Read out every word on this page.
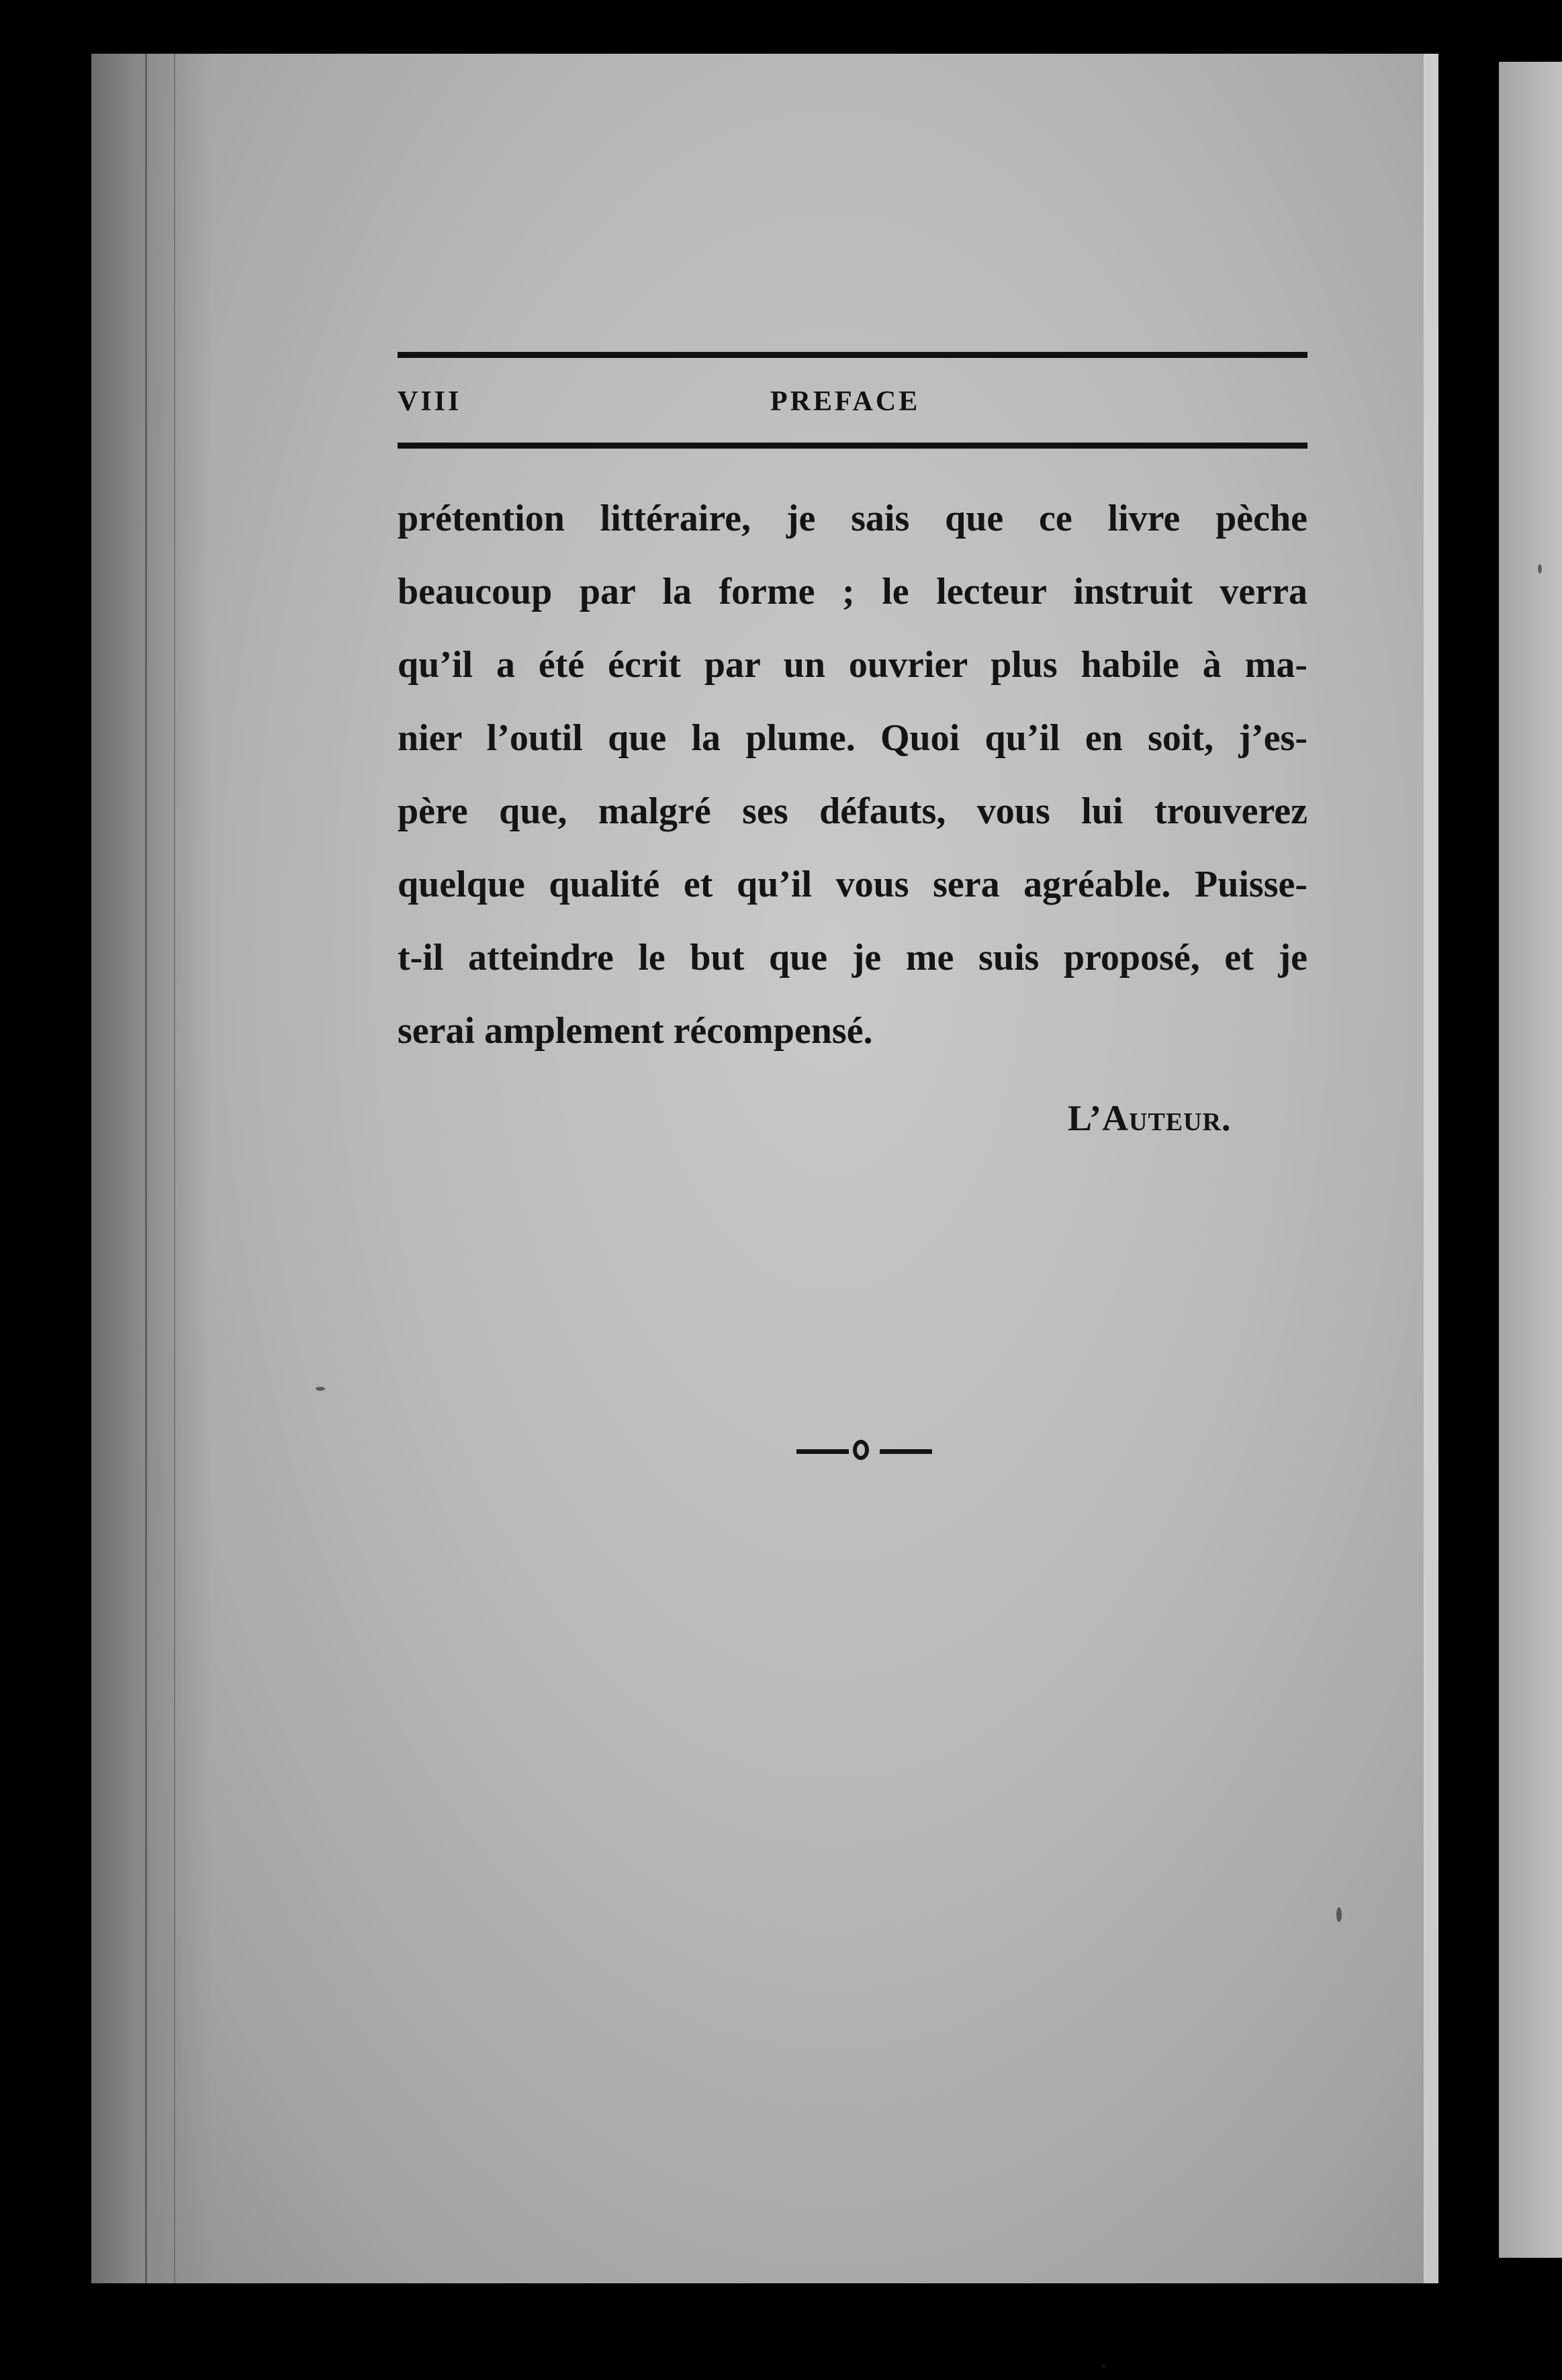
VIII	PREFACE
prétention littéraire, je sais que ce livre pèche
beaucoup par la forme ; le lecteur instruit verra
qu’il a été écrit par un ouvrier plus habile à ma-
nier l’outil que la plume. Quoi qu’il en soit, j’es-
père que, malgré ses défauts, vous lui trouverez
quelque qualité et qu’il vous sera agréable. Puisse-
t-il atteindre le but que je me suis proposé, et je
serai amplement récompensé.
L’Auteur.
